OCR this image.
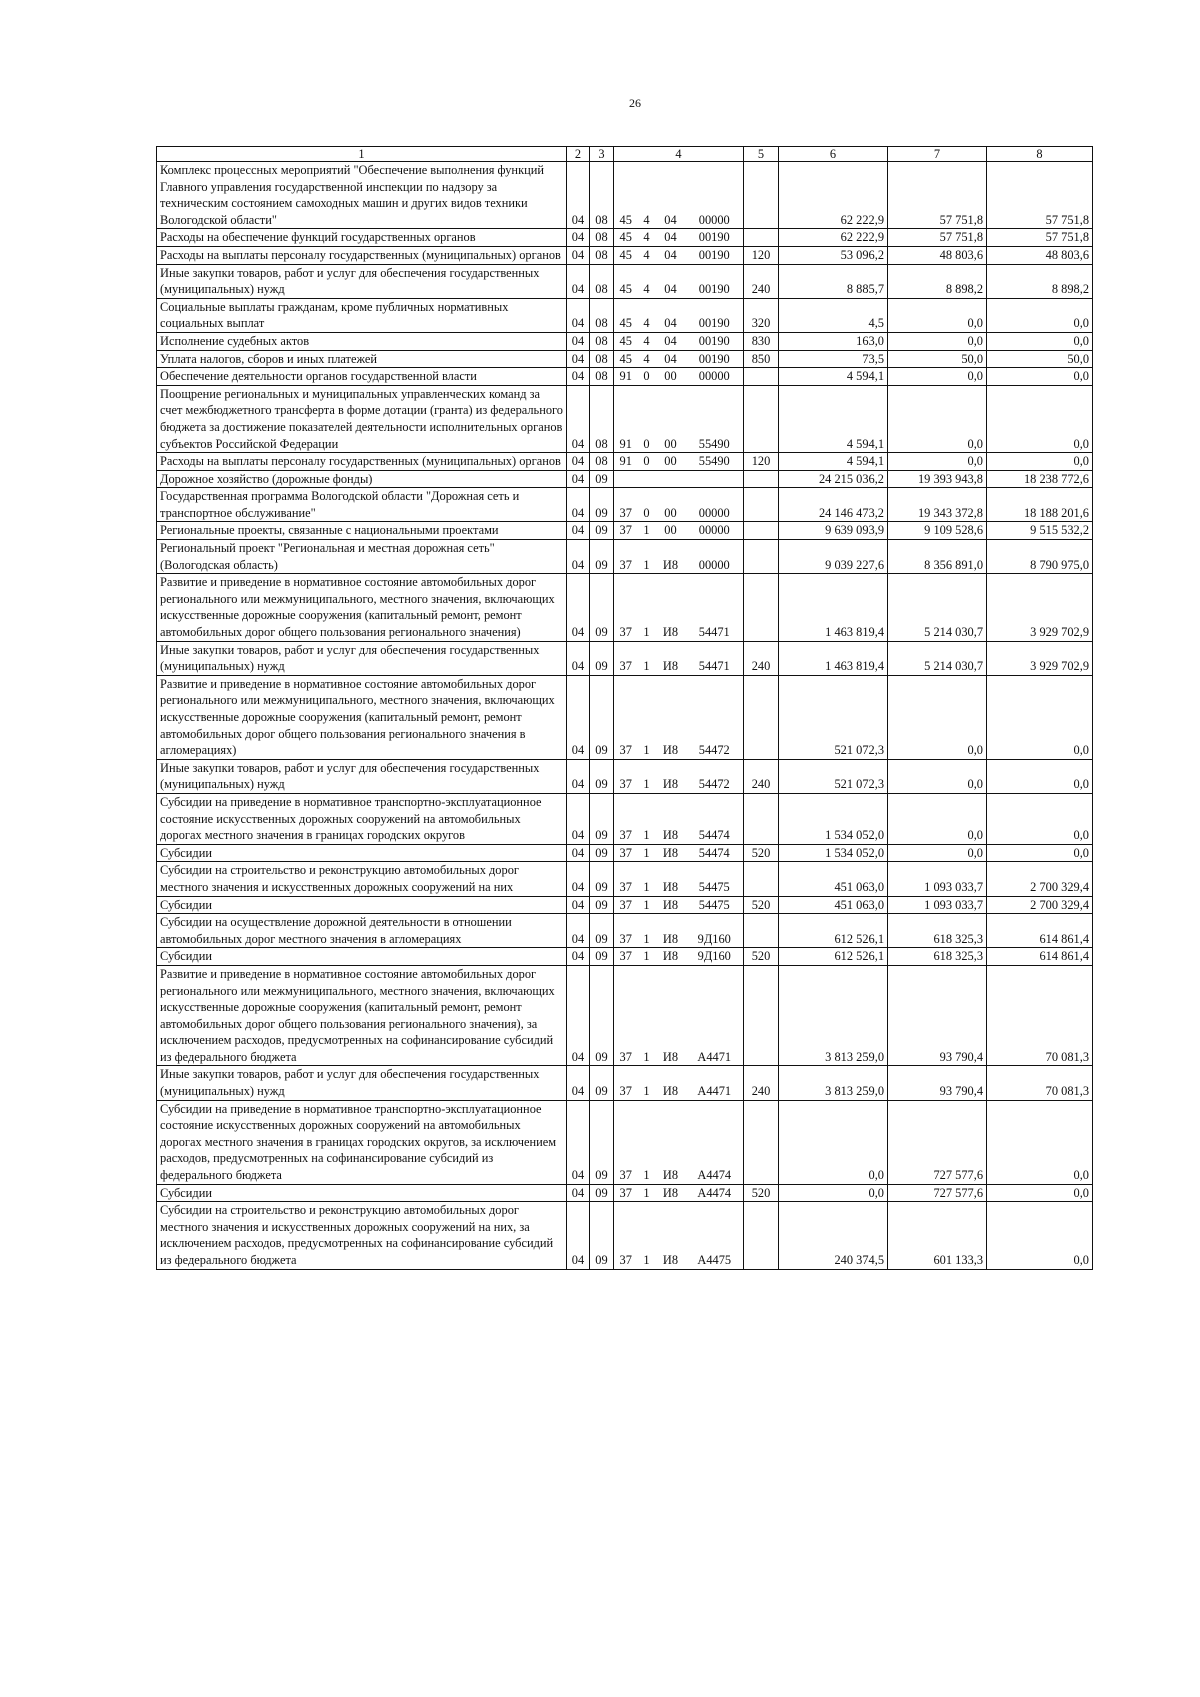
26
1	2	3	4				5	6	7	8
Комплекс процессных мероприятий "Обеспечение выполнения функций Главного управления государственной инспекции по надзору за техническим состоянием самоходных машин и других видов техники Вологодской области"	04	08	45	4	04	00000		62 222,9	57 751,8	57 751,8
Расходы на обеспечение функций государственных органов	04	08	45	4	04	00190		62 222,9	57 751,8	57 751,8
Расходы на выплаты персоналу государственных (муниципальных) органов	04	08	45	4	04	00190	120	53 096,2	48 803,6	48 803,6
Иные закупки товаров, работ и услуг для обеспечения государственных (муниципальных) нужд	04	08	45	4	04	00190	240	8 885,7	8 898,2	8 898,2
Социальные выплаты гражданам, кроме публичных нормативных социальных выплат	04	08	45	4	04	00190	320	4,5	0,0	0,0
Исполнение судебных актов	04	08	45	4	04	00190	830	163,0	0,0	0,0
Уплата налогов, сборов и иных платежей	04	08	45	4	04	00190	850	73,5	50,0	50,0
Обеспечение деятельности органов государственной власти	04	08	91	0	00	00000		4 594,1	0,0	0,0
Поощрение региональных и муниципальных управленческих команд за счет межбюджетного трансферта в форме дотации (гранта) из федерального бюджета за достижение показателей деятельности исполнительных органов субъектов Российской Федерации	04	08	91	0	00	55490		4 594,1	0,0	0,0
Расходы на выплаты персоналу государственных (муниципальных) органов	04	08	91	0	00	55490	120	4 594,1	0,0	0,0
Дорожное хозяйство (дорожные фонды)	04	09						24 215 036,2	19 393 943,8	18 238 772,6
Государственная программа Вологодской области "Дорожная сеть и транспортное обслуживание"	04	09	37	0	00	00000		24 146 473,2	19 343 372,8	18 188 201,6
Региональные проекты, связанные с национальными проектами	04	09	37	1	00	00000		9 639 093,9	9 109 528,6	9 515 532,2
Региональный проект "Региональная и местная дорожная сеть" (Вологодская область)	04	09	37	1	И8	00000		9 039 227,6	8 356 891,0	8 790 975,0
Развитие и приведение в нормативное состояние автомобильных дорог регионального или межмуниципального, местного значения, включающих искусственные дорожные сооружения (капитальный ремонт, ремонт автомобильных дорог общего пользования регионального значения)	04	09	37	1	И8	54471		1 463 819,4	5 214 030,7	3 929 702,9
Иные закупки товаров, работ и услуг для обеспечения государственных (муниципальных) нужд	04	09	37	1	И8	54471	240	1 463 819,4	5 214 030,7	3 929 702,9
Развитие и приведение в нормативное состояние автомобильных дорог регионального или межмуниципального, местного значения, включающих искусственные дорожные сооружения (капитальный ремонт, ремонт автомобильных дорог общего пользования регионального значения в агломерациях)	04	09	37	1	И8	54472		521 072,3	0,0	0,0
Иные закупки товаров, работ и услуг для обеспечения государственных (муниципальных) нужд	04	09	37	1	И8	54472	240	521 072,3	0,0	0,0
Субсидии на приведение в нормативное транспортно-эксплуатационное состояние искусственных дорожных сооружений на автомобильных дорогах местного значения в границах городских округов	04	09	37	1	И8	54474		1 534 052,0	0,0	0,0
Субсидии	04	09	37	1	И8	54474	520	1 534 052,0	0,0	0,0
Субсидии на строительство и реконструкцию автомобильных дорог местного значения и искусственных дорожных сооружений на них	04	09	37	1	И8	54475		451 063,0	1 093 033,7	2 700 329,4
Субсидии	04	09	37	1	И8	54475	520	451 063,0	1 093 033,7	2 700 329,4
Субсидии на осуществление дорожной деятельности в отношении автомобильных дорог местного значения в агломерациях	04	09	37	1	И8	9Д160		612 526,1	618 325,3	614 861,4
Субсидии	04	09	37	1	И8	9Д160	520	612 526,1	618 325,3	614 861,4
Развитие и приведение в нормативное состояние автомобильных дорог регионального или межмуниципального, местного значения, включающих искусственные дорожные сооружения (капитальный ремонт, ремонт автомобильных дорог общего пользования регионального значения), за исключением расходов, предусмотренных на софинансирование субсидий из федерального бюджета	04	09	37	1	И8	А4471		3 813 259,0	93 790,4	70 081,3
Иные закупки товаров, работ и услуг для обеспечения государственных (муниципальных) нужд	04	09	37	1	И8	А4471	240	3 813 259,0	93 790,4	70 081,3
Субсидии на приведение в нормативное транспортно-эксплуатационное состояние искусственных дорожных сооружений на автомобильных дорогах местного значения в границах городских округов, за исключением расходов, предусмотренных на софинансирование субсидий из федерального бюджета	04	09	37	1	И8	А4474		0,0	727 577,6	0,0
Субсидии	04	09	37	1	И8	А4474	520	0,0	727 577,6	0,0
Субсидии на строительство и реконструкцию автомобильных дорог местного значения и искусственных дорожных сооружений на них, за исключением расходов, предусмотренных на софинансирование субсидий из федерального бюджета	04	09	37	1	И8	А4475		240 374,5	601 133,3	0,0
